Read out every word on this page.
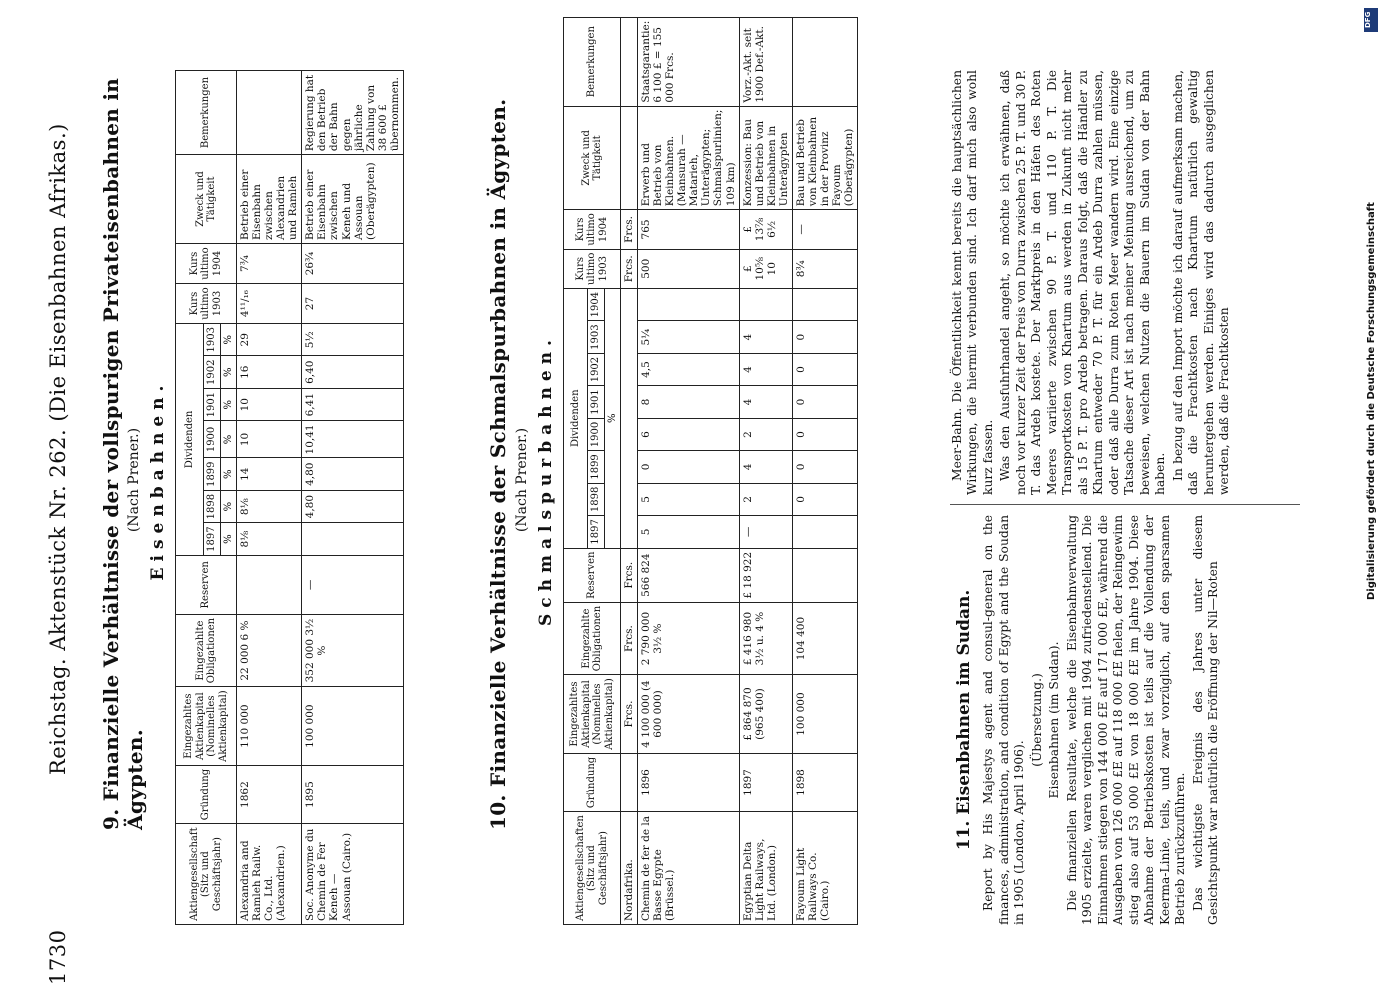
1730
Reichstag. Aktenstück Nr. 262. (Die Eisenbahnen Afrikas.) 9. Finanzielle Verhältnisse der vollspurigen Privateisenbahnen in Ägypten.
(Nach Prener.) Eisenbahnen.
Aktiengesellschaft (Sitz und Geschäftsjahr)	Gründung	Eingezahltes Aktienkapital (Nominelles Aktienkapital)	Eingezahlte Obligationen	Reserven	Dividenden							Kurs ultimo 1903	Kurs ultimo 1904	Zweck und Tätigkeit	Bemerkungen
					1897	1898	1899	1900	1901	1902	1903				
					%	%	%	%	%	%	%				
Alexandria and Ramleh Railw. Co., Ltd. (Alexandrien.)	1862	110 000	22 000 6 %		8⅛	8⅛	14	10	10	16	29	4¹¹/₁₆	7¾	Betrieb einer Eisenbahn zwischen Alexandrien und Ramleh	
Soc. Anonyme du Chemin de Fer Keneh — Assouan (Cairo.)	1895	100 000	352 000 3½ %	—		4,80	4,80	10,41	6,41	6,40	5½	27	26¾	Betrieb einer Eisenbahn zwischen Keneh und Assouan (Oberägypten)	Regierung hat den Betrieb der Bahn gegen jährliche Zahlung von 38 600 £ übernommen.	10. Finanzielle Verhältnisse der Schmalspurbahnen in Ägypten. (Nach Prener.) Schmalspurbahnen.
Aktiengesellschaften (Sitz und Geschäftsjahr)	Gründung	Eingezahltes Aktienkapital (Nominelles Aktienkapital)	Eingezahlte Obligationen	Reserven	Dividenden								Kurs ultimo 1903	Kurs ultimo 1904	Zweck und Tätigkeit	Bemerkungen
					1897	1898	1899	1900	1901	1902	1903	1904				
					%											
Nordafrika.		Frcs.	Frcs.	Frcs.									Frcs.	Frcs.		
Chemin de fer de la Basse Egypte (Brüssel.)	1896	4 100 000 (4 600 000)	2 790 000 3½ %	566 824	5	5	0	6	8	4,5	5¼		500	765	Erwerb und Betrieb von Kleinbahnen. (Mansurah — Matarieh, Unterägypten; Schmalspurlinien; 109 km)	Staatsgarantie: 6 100 £ = 155 000 Frcs.
Egyptian Delta Light Railways, Ltd. (London.)	1897	£ 864 870 (965 400)	£ 416 980 3½ u. 4 %	£ 18 922	—	2	4	2	4	4	4		£ 10⅝ 10	£ 13⅞ 6½	Konzession: Bau und Betrieb von Kleinbahnen in Unterägypten	Vorz.-Akt. seit 1900 Def.-Akt.
Fayoum Light Railways Co. (Cairo.)	1898	100 000	104 400			0	0	0	0	0	0		8¾	—	Bau und Betrieb von Kleinbahnen in der Provinz Fayoum (Oberägypten)	
11. Eisenbahnen im Sudan. Report by His Majestys agent and consul-general on the finances, administration, and condition of Egypt and the Soudan in 1905 (London, April 1906).

(Übersetzung.) Eisenbahnen (im Sudan). Die finanziellen Resultate, welche die Eisenbahnverwaltung 1905 erzielte, waren verglichen mit 1904 zufriedenstellend. Die Einnahmen stiegen von 144 000 £E auf 171 000 £E, während die Ausgaben von 126 000 £E auf 118 000 £E fielen, der Reingewinn stieg also auf 53 000 £E von 18 000 £E im Jahre 1904. Diese Abnahme der Betriebskosten ist teils auf die Vollendung der Keerma-Linie, teils, und zwar vorzüglich, auf den sparsamen Betrieb zurückzuführen. Das wichtigste Ereignis des Jahres unter diesem Gesichtspunkt war natürlich die Eröffnung der Nil—Roten

Meer-Bahn. Die Öffentlichkeit kennt bereits die hauptsächlichen Wirkungen, die hiermit verbunden sind. Ich darf mich also wohl kurz fassen. Was den Ausfuhrhandel angeht, so möchte ich erwähnen, daß noch vor kurzer Zeit der Preis von Durra zwischen 25 P. T. und 30 P. T. das Ardeb kostete. Der Marktpreis in den Häfen des Roten Meeres variierte zwischen 90 P. T. und 110 P. T. Die Transportkosten von Khartum aus werden in Zukunft nicht mehr als 15 P. T. pro Ardeb betragen. Daraus folgt, daß die Händler zu Khartum entweder 70 P. T. für ein Ardeb Durra zahlen müssen, oder daß alle Durra zum Roten Meer wandern wird. Eine einzige Tatsache dieser Art ist nach meiner Meinung ausreichend, um zu beweisen, welchen Nutzen die Bauern im Sudan von der Bahn haben. In bezug auf den Import möchte ich darauf aufmerksam machen, daß die Frachtkosten nach Khartum natürlich gewaltig heruntergehen werden. Einiges wird das dadurch ausgeglichen werden, daß die Frachtkosten

DFG
Digitalisierung gefördert durch die Deutsche Forschungsgemeinschaft
